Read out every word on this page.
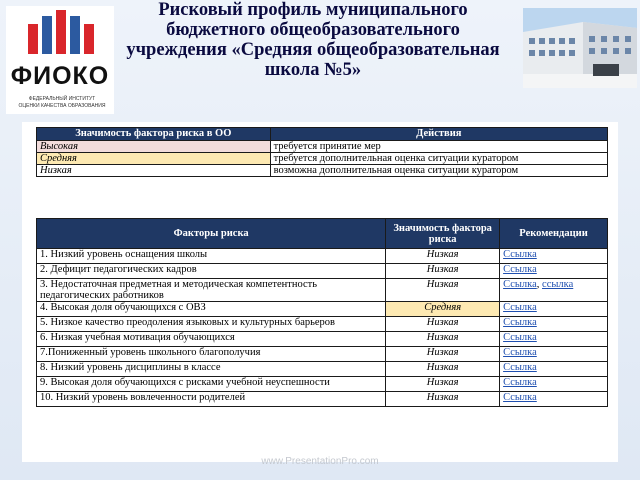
ФИОКО
ФЕДЕРАЛЬНЫЙ ИНСТИТУТ
ОЦЕНКИ КАЧЕСТВА ОБРАЗОВАНИЯ
Рисковый профиль муниципального бюджетного общеобразовательного учреждения «Средняя общеобразовательная школа №5»
Значимость фактора риска в ОО	Действия
Высокая	требуется принятие мер
Средняя	требуется дополнительная оценка ситуации куратором
Низкая	возможна дополнительная оценка ситуации куратором
Факторы риска	Значимость фактора риска	Рекомендации
1. Низкий уровень оснащения школы	Низкая	Ссылка
2. Дефицит педагогических кадров	Низкая	Ссылка
3. Недостаточная предметная и методическая компетентность педагогических работников	Низкая	Ссылка, ссылка
4. Высокая доля обучающихся с ОВЗ	Средняя	Ссылка
5. Низкое качество преодоления языковых и культурных барьеров	Низкая	Ссылка
6. Низкая учебная мотивация обучающихся	Низкая	Ссылка
7.Пониженный уровень школьного благополучия	Низкая	Ссылка
8. Низкий уровень дисциплины в классе	Низкая	Ссылка
9. Высокая доля обучающихся с рисками учебной неуспешности	Низкая	Ссылка
10. Низкий уровень вовлеченности родителей	Низкая	Ссылка
www.PresentationPro.com
